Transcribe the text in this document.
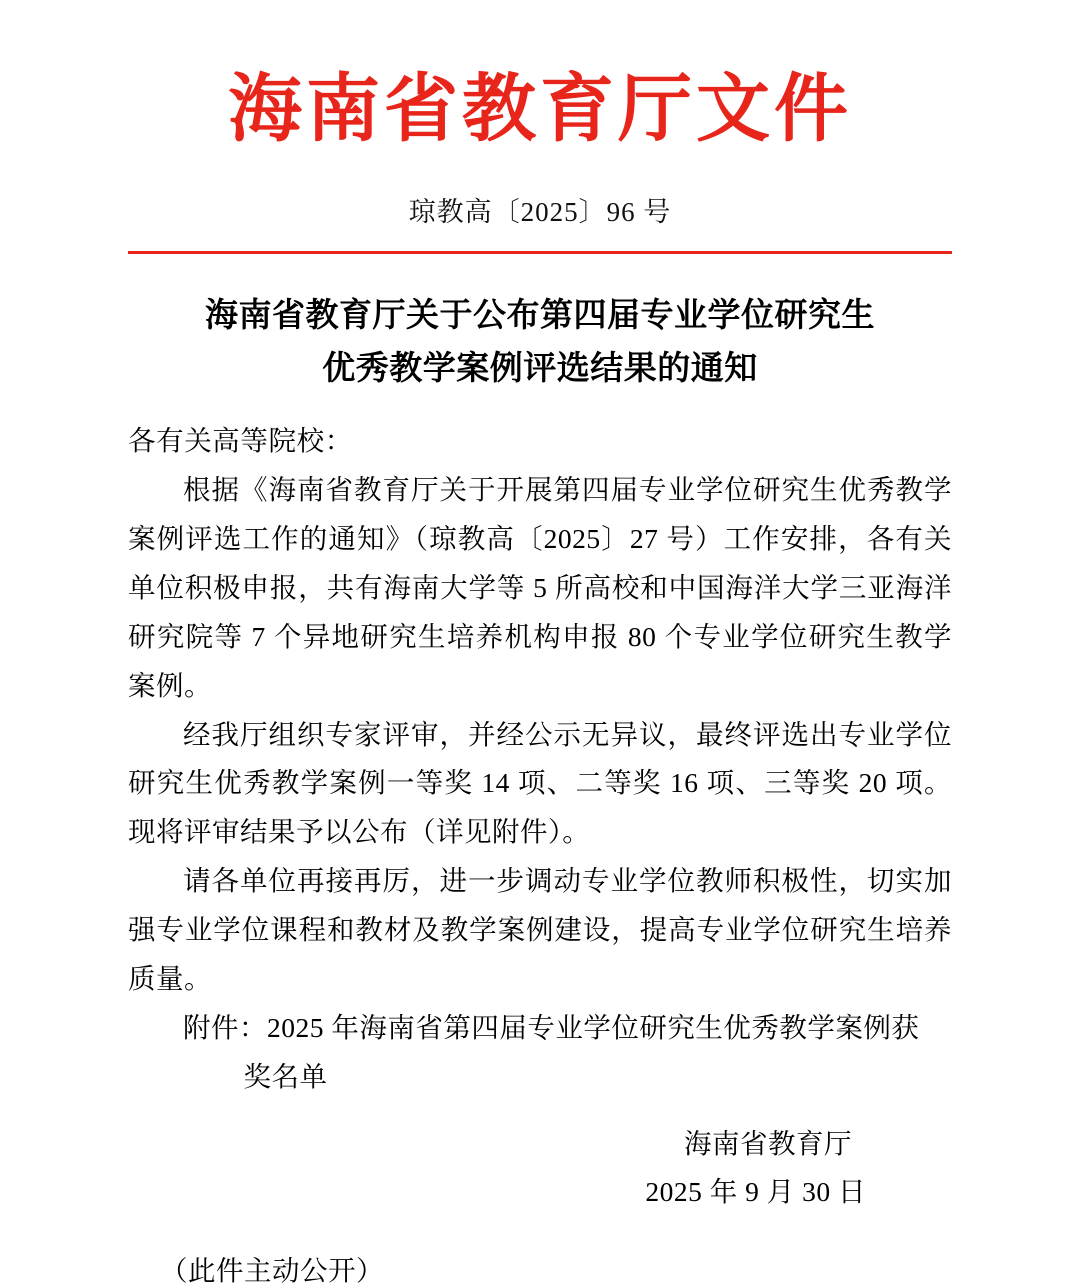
海南省教育厅文件
琼教高〔2025〕96 号
海南省教育厅关于公布第四届专业学位研究生
优秀教学案例评选结果的通知
各有关高等院校：

根据《海南省教育厅关于开展第四届专业学位研究生优秀教学案例评选工作的通知》（琼教高〔2025〕27 号）工作安排，各有关单位积极申报，共有海南大学等 5 所高校和中国海洋大学三亚海洋研究院等 7 个异地研究生培养机构申报 80 个专业学位研究生教学案例。

经我厅组织专家评审，并经公示无异议，最终评选出专业学位研究生优秀教学案例一等奖 14 项、二等奖 16 项、三等奖 20 项。现将评审结果予以公布（详见附件）。

请各单位再接再厉，进一步调动专业学位教师积极性，切实加强专业学位课程和教材及教学案例建设，提高专业学位研究生培养质量。

附件：2025 年海南省第四届专业学位研究生优秀教学案例获

奖名单

海南省教育厅
2025 年 9 月 30 日
（此件主动公开）
